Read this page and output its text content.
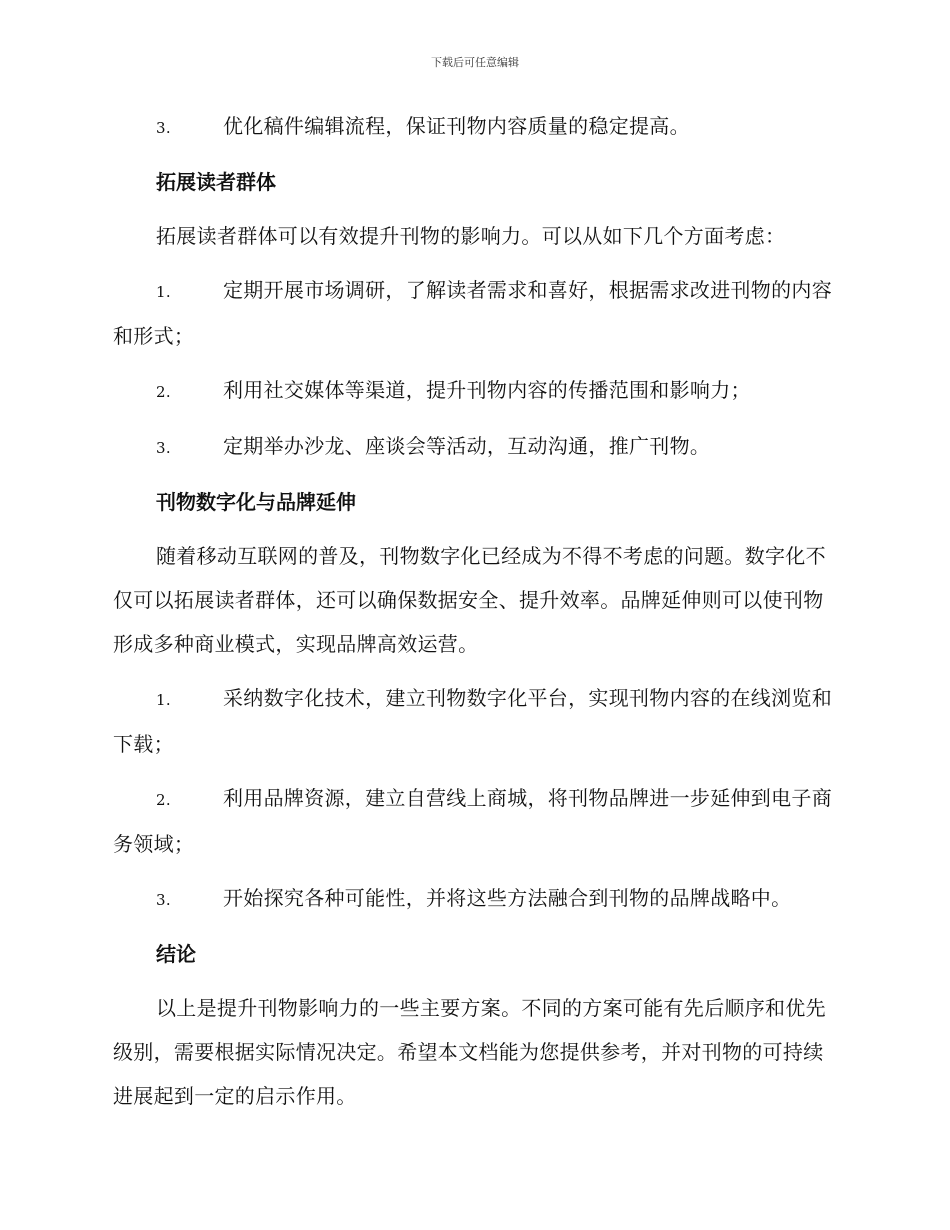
下载后可任意编辑
3.	优化稿件编辑流程，保证刊物内容质量的稳定提高。
拓展读者群体
拓展读者群体可以有效提升刊物的影响力。可以从如下几个方面考虑：
1.	定期开展市场调研，了解读者需求和喜好，根据需求改进刊物的内容和形式；
2.	利用社交媒体等渠道，提升刊物内容的传播范围和影响力；
3.	定期举办沙龙、座谈会等活动，互动沟通，推广刊物。
刊物数字化与品牌延伸
随着移动互联网的普及，刊物数字化已经成为不得不考虑的问题。数字化不仅可以拓展读者群体，还可以确保数据安全、提升效率。品牌延伸则可以使刊物形成多种商业模式，实现品牌高效运营。
1.	采纳数字化技术，建立刊物数字化平台，实现刊物内容的在线浏览和下载；
2.	利用品牌资源，建立自营线上商城，将刊物品牌进一步延伸到电子商务领域；
3.	开始探究各种可能性，并将这些方法融合到刊物的品牌战略中。
结论
以上是提升刊物影响力的一些主要方案。不同的方案可能有先后顺序和优先级别，需要根据实际情况决定。希望本文档能为您提供参考，并对刊物的可持续进展起到一定的启示作用。
